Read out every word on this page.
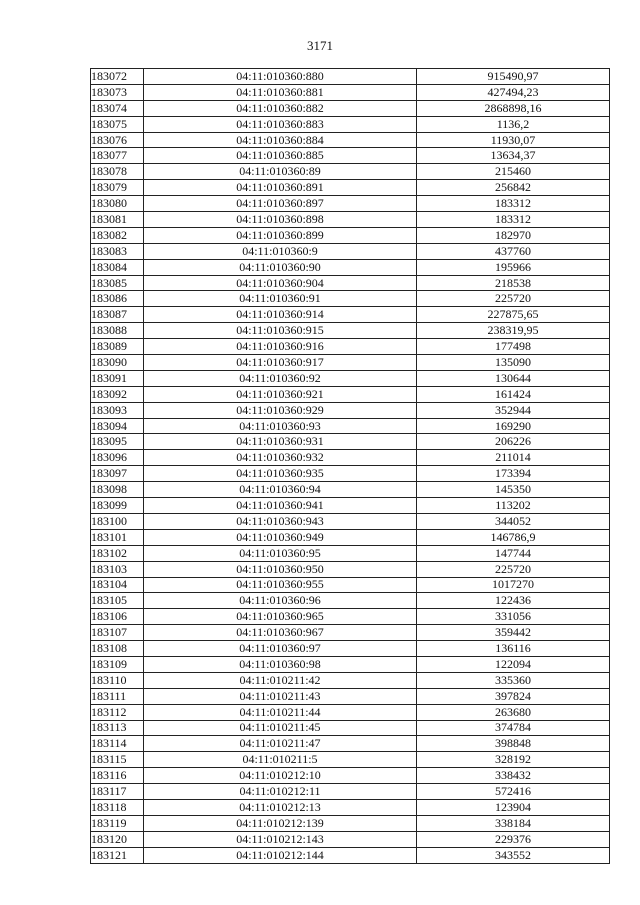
3171
183072	04:11:010360:880	915490,97
183073	04:11:010360:881	427494,23
183074	04:11:010360:882	2868898,16
183075	04:11:010360:883	1136,2
183076	04:11:010360:884	11930,07
183077	04:11:010360:885	13634,37
183078	04:11:010360:89	215460
183079	04:11:010360:891	256842
183080	04:11:010360:897	183312
183081	04:11:010360:898	183312
183082	04:11:010360:899	182970
183083	04:11:010360:9	437760
183084	04:11:010360:90	195966
183085	04:11:010360:904	218538
183086	04:11:010360:91	225720
183087	04:11:010360:914	227875,65
183088	04:11:010360:915	238319,95
183089	04:11:010360:916	177498
183090	04:11:010360:917	135090
183091	04:11:010360:92	130644
183092	04:11:010360:921	161424
183093	04:11:010360:929	352944
183094	04:11:010360:93	169290
183095	04:11:010360:931	206226
183096	04:11:010360:932	211014
183097	04:11:010360:935	173394
183098	04:11:010360:94	145350
183099	04:11:010360:941	113202
183100	04:11:010360:943	344052
183101	04:11:010360:949	146786,9
183102	04:11:010360:95	147744
183103	04:11:010360:950	225720
183104	04:11:010360:955	1017270
183105	04:11:010360:96	122436
183106	04:11:010360:965	331056
183107	04:11:010360:967	359442
183108	04:11:010360:97	136116
183109	04:11:010360:98	122094
183110	04:11:010211:42	335360
183111	04:11:010211:43	397824
183112	04:11:010211:44	263680
183113	04:11:010211:45	374784
183114	04:11:010211:47	398848
183115	04:11:010211:5	328192
183116	04:11:010212:10	338432
183117	04:11:010212:11	572416
183118	04:11:010212:13	123904
183119	04:11:010212:139	338184
183120	04:11:010212:143	229376
183121	04:11:010212:144	343552
